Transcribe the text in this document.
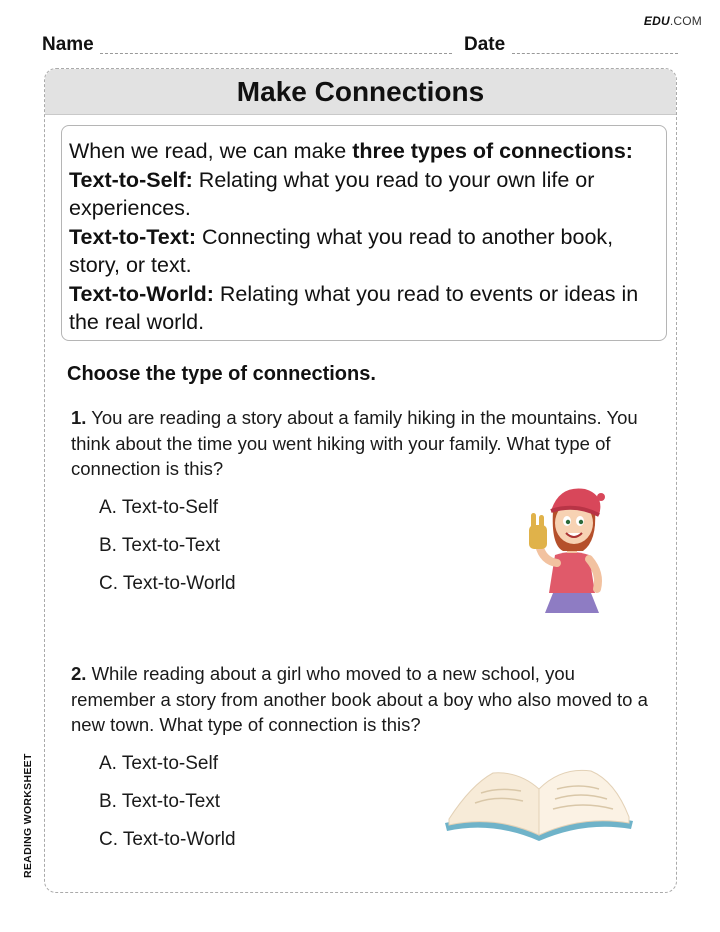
EDU.COM
Name	Date
READING WORKSHEET
Make Connections
When we read, we can make three types of connections:
Text-to-Self: Relating what you read to your own life or experiences.
Text-to-Text: Connecting what you read to another book, story, or text.
Text-to-World: Relating what you read to events or ideas in the real world.
Choose the type of connections.
1. You are reading a story about a family hiking in the mountains. You think about the time you went hiking with your family. What type of connection is this?
A. Text-to-Self
B. Text-to-Text
C. Text-to-World
2. While reading about a girl who moved to a new school, you remember a story from another book about a boy who also moved to a new town. What type of connection is this?
A. Text-to-Self
B. Text-to-Text
C. Text-to-World
